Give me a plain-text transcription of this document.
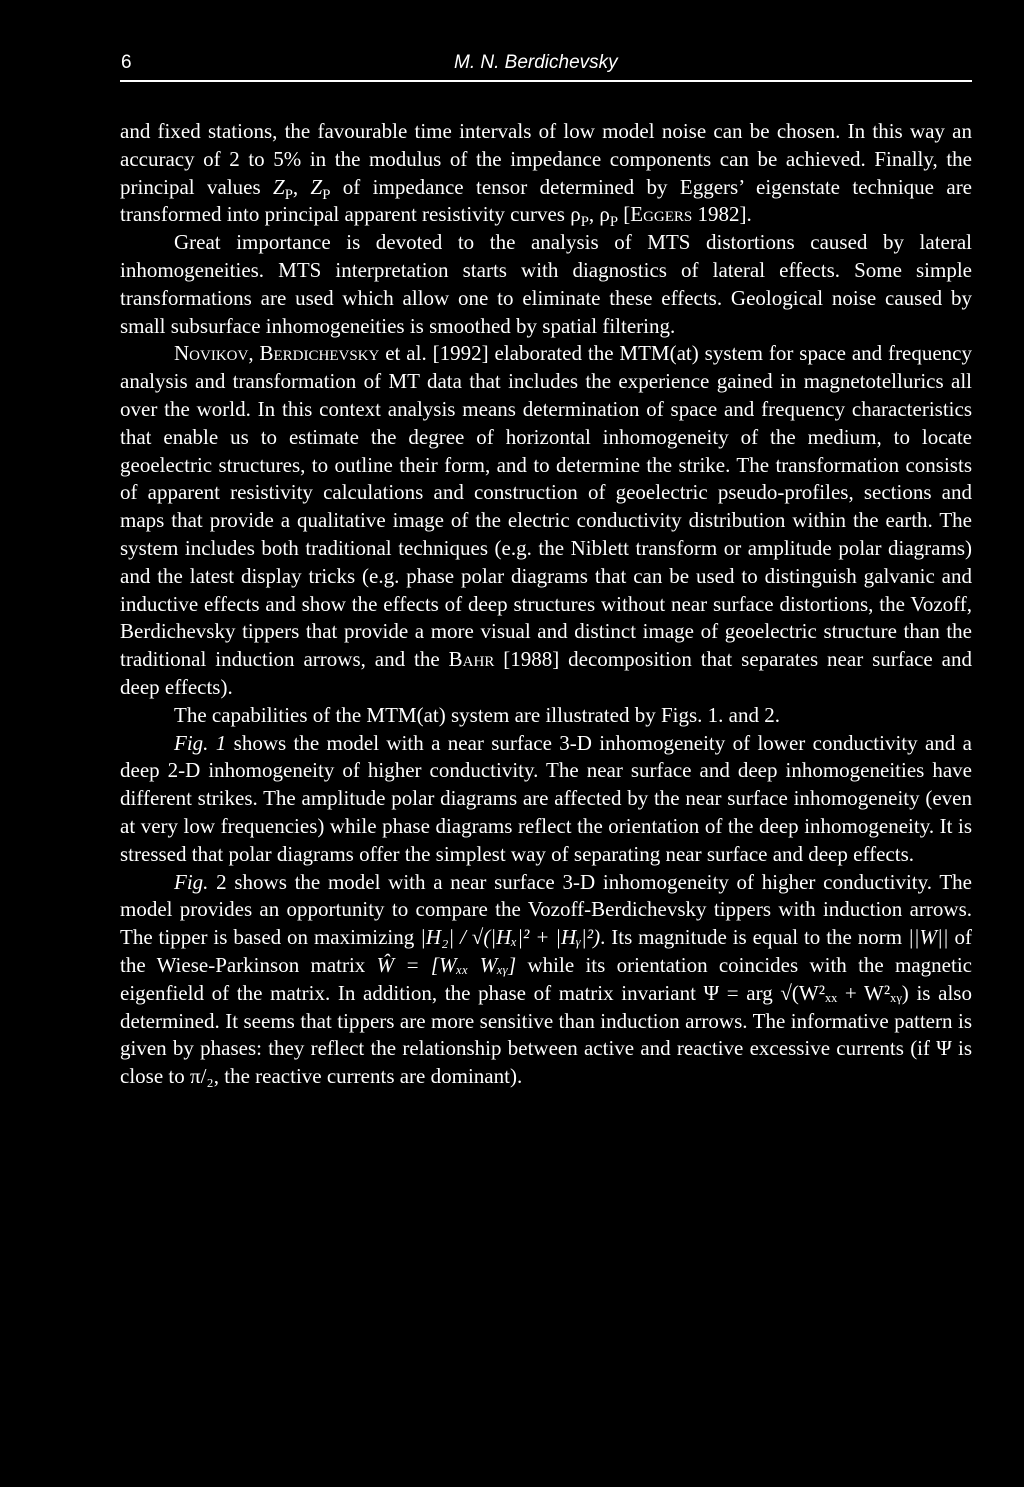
6	M. N. Berdichevsky

and fixed stations, the favourable time intervals of low model noise can be chosen. In this way an accuracy of 2 to 5% in the modulus of the impedance components can be achieved. Finally, the principal values $Z_P$, $Z_P$ of impedance tensor determined by Eggers’ eigenstate technique are transformed into principal apparent resistivity curves $\rho_P$, $\rho_P$ [Eggers 1982].

Great importance is devoted to the analysis of MTS distortions caused by lateral inhomogeneities. MTS interpretation starts with diagnostics of lateral effects. Some simple transformations are used which allow one to eliminate these effects. Geological noise caused by small subsurface inhomogeneities is smoothed by spatial filtering.

Novikov, Berdichevsky et al. [1992] elaborated the MTM(at) system for space and frequency analysis and transformation of MT data that includes the experience gained in magnetotellurics all over the world. In this context analysis means determination of space and frequency characteristics that enable us to estimate the degree of horizontal inhomogeneity of the medium, to locate geoelectric structures, to outline their form, and to determine the strike. The transformation consists of apparent resistivity calculations and construction of geoelectric pseudo-profiles, sections and maps that provide a qualitative image of the electric conductivity distribution within the earth. The system includes both traditional techniques (e.g. the Niblett transform or amplitude polar diagrams) and the latest display tricks (e.g. phase polar diagrams that can be used to distinguish galvanic and inductive effects and show the effects of deep structures without near surface distortions, the Vozoff, Berdichevsky tippers that provide a more visual and distinct image of geoelectric structure than the traditional induction arrows, and the Bahr [1988] decomposition that separates near surface and deep effects).

The capabilities of the MTM(at) system are illustrated by Figs. 1. and 2.

Fig. 1 shows the model with a near surface 3-D inhomogeneity of lower conductivity and a deep 2-D inhomogeneity of higher conductivity. The near surface and deep inhomogeneities have different strikes. The amplitude polar diagrams are affected by the near surface inhomogeneity (even at very low frequencies) while phase diagrams reflect the orientation of the deep inhomogeneity. It is stressed that polar diagrams offer the simplest way of separating near surface and deep effects.

Fig. 2 shows the model with a near surface 3-D inhomogeneity of higher conductivity. The model provides an opportunity to compare the Vozoff-Berdichevsky tippers with induction arrows. The tipper is based on maximizing |H₂| / √(|Hₓ|² + |Hᵧ|²). Its magnitude is equal to the norm ||W|| of the Wiese-Parkinson matrix Ŵ = [Wₓₓ Wₓᵧ] while its orientation coincides with the magnetic eigenfield of the matrix. In addition, the phase of matrix invariant Ψ = arg √(W²ₓₓ + W²ₓᵧ) is also determined. It seems that tippers are more sensitive than induction arrows. The informative pattern is given by phases: they reflect the relationship between active and reactive excessive currents (if Ψ is close to π/₂, the reactive currents are dominant).
